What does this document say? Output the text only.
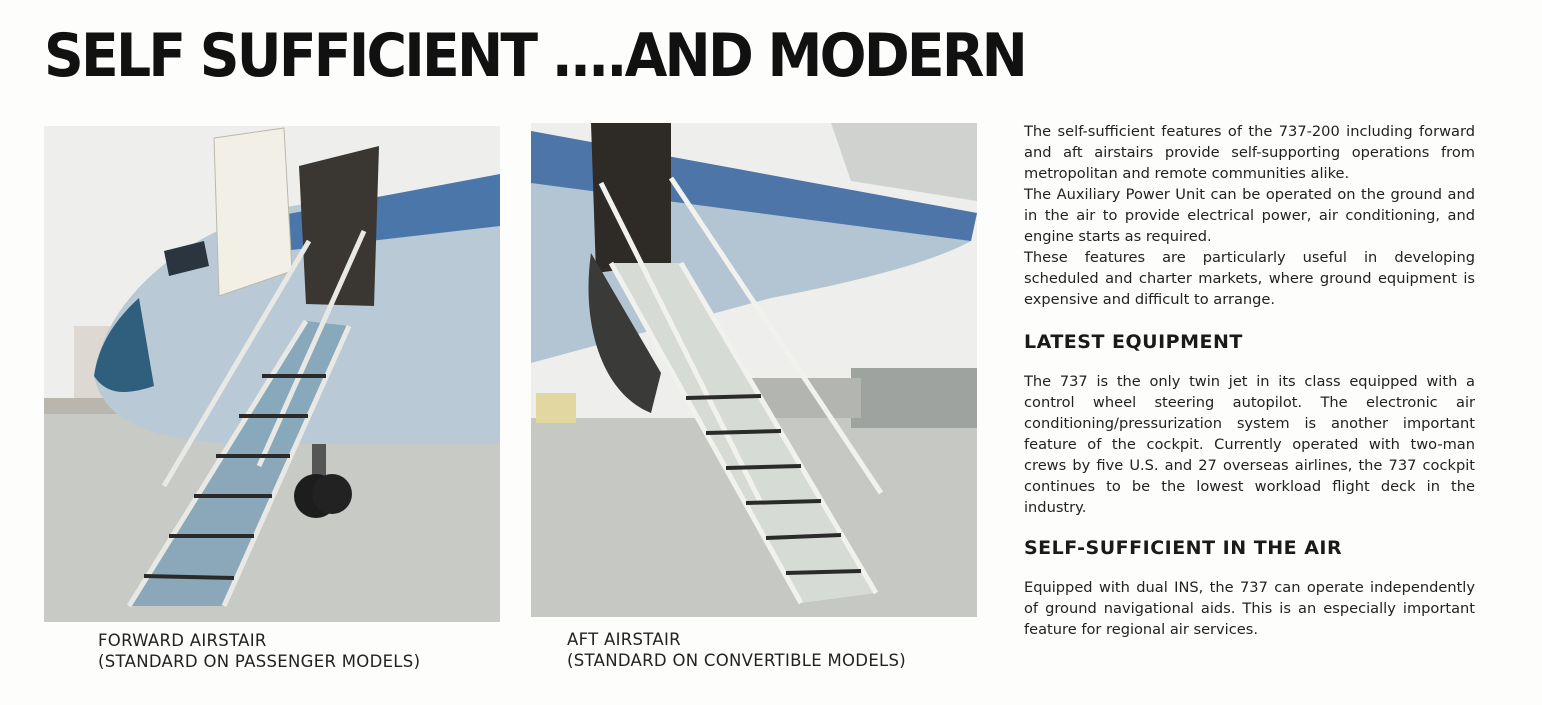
SELF SUFFICIENT ....AND MODERN
FORWARD AIRSTAIR
(STANDARD ON PASSENGER MODELS)
AFT AIRSTAIR
(STANDARD ON CONVERTIBLE MODELS)

The self-sufficient features of the 737-200 including forward and aft airstairs provide self-supporting operations from metropolitan and remote communities alike.

The Auxiliary Power Unit can be operated on the ground and in the air to provide electrical power, air conditioning, and engine starts as required.

These features are particularly useful in developing scheduled and charter markets, where ground equipment is expensive and difficult to arrange.

LATEST EQUIPMENT

The 737 is the only twin jet in its class equipped with a control wheel steering autopilot. The electronic air conditioning/pressurization system is another important feature of the cockpit. Currently operated with two-man crews by five U.S. and 27 overseas airlines, the 737 cockpit continues to be the lowest workload flight deck in the industry.

SELF-SUFFICIENT IN THE AIR

Equipped with dual INS, the 737 can operate independently of ground navigational aids. This is an especially important feature for regional air services.
